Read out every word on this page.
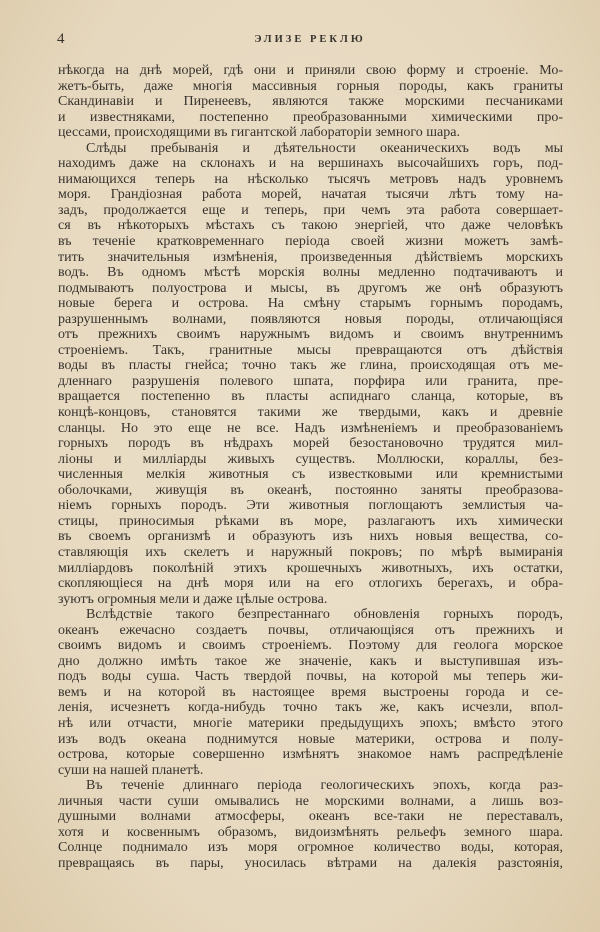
4	ЭЛИЗЕ РЕКЛЮ
нѣкогда на днѣ морей, гдѣ они и приняли свою форму и строеніе. Мо-
жетъ-быть, даже многія массивныя горныя породы, какъ граниты
Скандинавіи и Пиренеевъ, являются также морскими песчаниками
и известняками, постепенно преобразованными химическими про-
цессами, происходящими въ гигантской лабораторіи земного шара.
Слѣды пребыванія и дѣятельности океаническихъ водъ мы
находимъ даже на склонахъ и на вершинахъ высочайшихъ горъ, под-
нимающихся теперь на нѣсколько тысячъ метровъ надъ уровнемъ
моря. Грандіозная работа морей, начатая тысячи лѣтъ тому на-
задъ, продолжается еще и теперь, при чемъ эта работа совершает-
ся въ нѣкоторыхъ мѣстахъ съ такою энергіей, что даже человѣкъ
въ теченіе кратковременнаго періода своей жизни можетъ замѣ-
тить значительныя измѣненія, произведенныя дѣйствіемъ морскихъ
водъ. Въ одномъ мѣстѣ морскія волны медленно подтачиваютъ и
подмываютъ полуострова и мысы, въ другомъ же онѣ образуютъ
новые берега и острова. На смѣну старымъ горнымъ породамъ,
разрушеннымъ волнами, появляются новыя породы, отличающіяся
отъ прежнихъ своимъ наружнымъ видомъ и своимъ внутреннимъ
строеніемъ. Такъ, гранитные мысы превращаются отъ дѣйствія
воды въ пласты гнейса; точно такъ же глина, происходящая отъ ме-
дленнаго разрушенія полевого шпата, порфира или гранита, пре-
вращается постепенно въ пласты аспиднаго сланца, которые, въ
концѣ-концовъ, становятся такими же твердыми, какъ и древніе
сланцы. Но это еще не все. Надъ измѣненіемъ и преобразованіемъ
горныхъ породъ въ нѣдрахъ морей безостановочно трудятся мил-
ліоны и милліарды живыхъ существъ. Моллюски, кораллы, без-
численныя мелкія животныя съ известковыми или кремнистыми
оболочками, живущія въ океанѣ, постоянно заняты преобразова-
ніемъ горныхъ породъ. Эти животныя поглощаютъ землистыя ча-
стицы, приносимыя рѣками въ море, разлагаютъ ихъ химически
въ своемъ организмѣ и образуютъ изъ нихъ новыя вещества, со-
ставляющія ихъ скелетъ и наружный покровъ; по мѣрѣ вымиранія
милліардовъ поколѣній этихъ крошечныхъ животныхъ, ихъ остатки,
скопляющіеся на днѣ моря или на его отлогихъ берегахъ, и обра-
зуютъ огромныя мели и даже цѣлые острова.
Вслѣдствіе такого безпрестаннаго обновленія горныхъ породъ,
океанъ ежечасно создаетъ почвы, отличающіяся отъ прежнихъ и
своимъ видомъ и своимъ строеніемъ. Поэтому для геолога морское
дно должно имѣть такое же значеніе, какъ и выступившая изъ-
подъ воды суша. Часть твердой почвы, на которой мы теперь жи-
вемъ и на которой въ настоящее время выстроены города и се-
ленія, исчезнетъ когда-нибудь точно такъ же, какъ исчезли, впол-
нѣ или отчасти, многіе материки предыдущихъ эпохъ; вмѣсто этого
изъ водъ океана поднимутся новые материки, острова и полу-
острова, которые совершенно измѣнятъ знакомое намъ распредѣленіе
суши на нашей планетѣ.
Въ теченіе длиннаго періода геологическихъ эпохъ, когда раз-
личныя части суши омывались не морскими волнами, а лишь воз-
душными волнами атмосферы, океанъ все-таки не переставалъ,
хотя и косвеннымъ образомъ, видоизмѣнять рельефъ земного шара.
Солнце поднимало изъ моря огромное количество воды, которая,
превращаясь въ пары, уносилась вѣтрами на далекія разстоянія,
